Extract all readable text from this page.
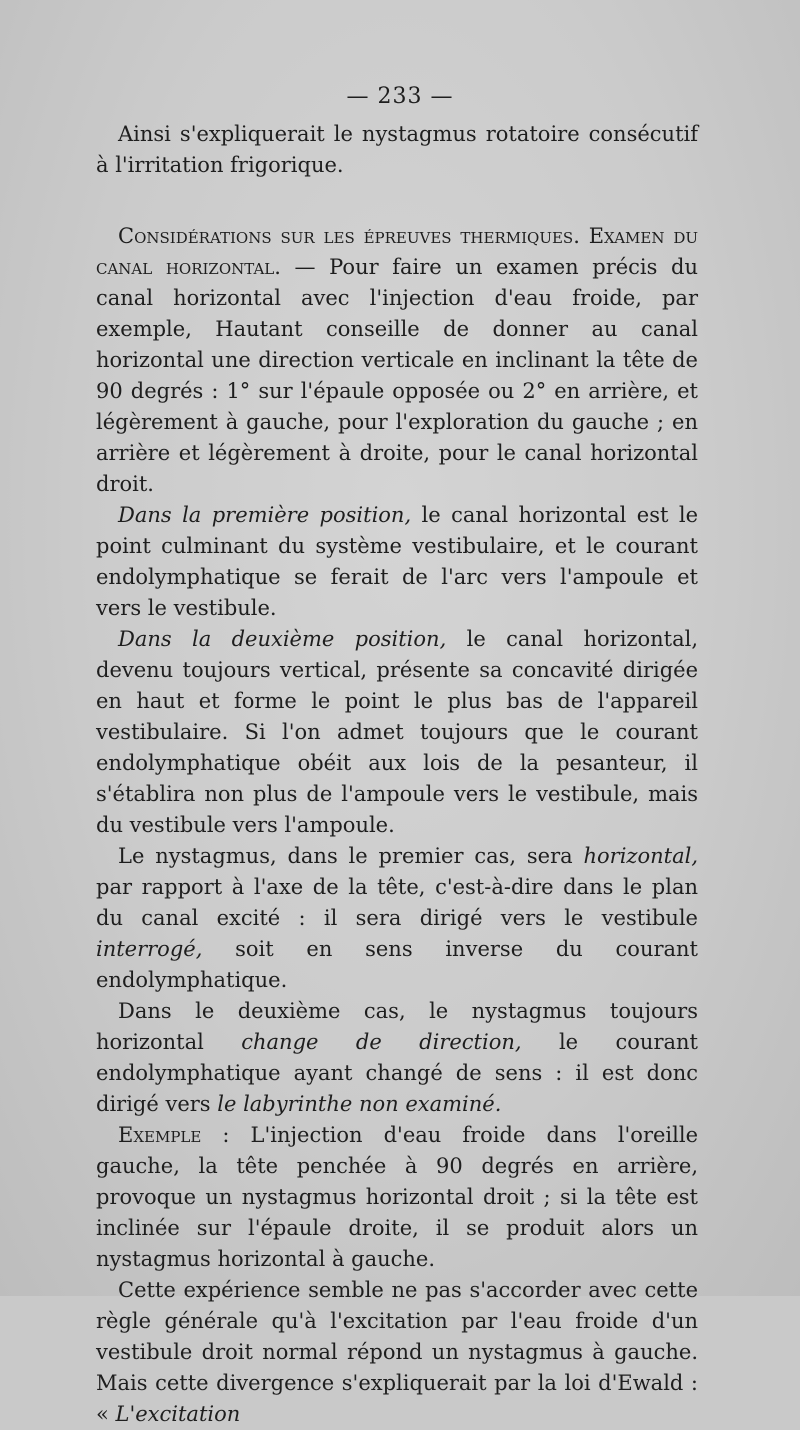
— 233 —

Ainsi s'expliquerait le nystagmus rotatoire consécutif à l'irritation frigorique.

Considérations sur les épreuves thermiques. Examen du canal horizontal. — Pour faire un examen précis du canal horizontal avec l'injection d'eau froide, par exemple, Hautant conseille de donner au canal horizontal une direction verticale en inclinant la tête de 90 degrés : 1° sur l'épaule opposée ou 2° en arrière, et légèrement à gauche, pour l'exploration du gauche ; en arrière et légèrement à droite, pour le canal horizontal droit.

Dans la première position, le canal horizontal est le point culminant du système vestibulaire, et le courant endolymphatique se ferait de l'arc vers l'ampoule et vers le vestibule.

Dans la deuxième position, le canal horizontal, devenu toujours vertical, présente sa concavité dirigée en haut et forme le point le plus bas de l'appareil vestibulaire. Si l'on admet toujours que le courant endolymphatique obéit aux lois de la pesanteur, il s'établira non plus de l'ampoule vers le vestibule, mais du vestibule vers l'ampoule.

Le nystagmus, dans le premier cas, sera horizontal, par rapport à l'axe de la tête, c'est-à-dire dans le plan du canal excité : il sera dirigé vers le vestibule interrogé, soit en sens inverse du courant endolymphatique.

Dans le deuxième cas, le nystagmus toujours horizontal change de direction, le courant endolymphatique ayant changé de sens : il est donc dirigé vers le labyrinthe non examiné.

Exemple : L'injection d'eau froide dans l'oreille gauche, la tête penchée à 90 degrés en arrière, provoque un nystagmus horizontal droit ; si la tête est inclinée sur l'épaule droite, il se produit alors un nystagmus horizontal à gauche.

Cette expérience semble ne pas s'accorder avec cette règle générale qu'à l'excitation par l'eau froide d'un vestibule droit normal répond un nystagmus à gauche. Mais cette divergence s'expliquerait par la loi d'Ewald : « L'excitation
